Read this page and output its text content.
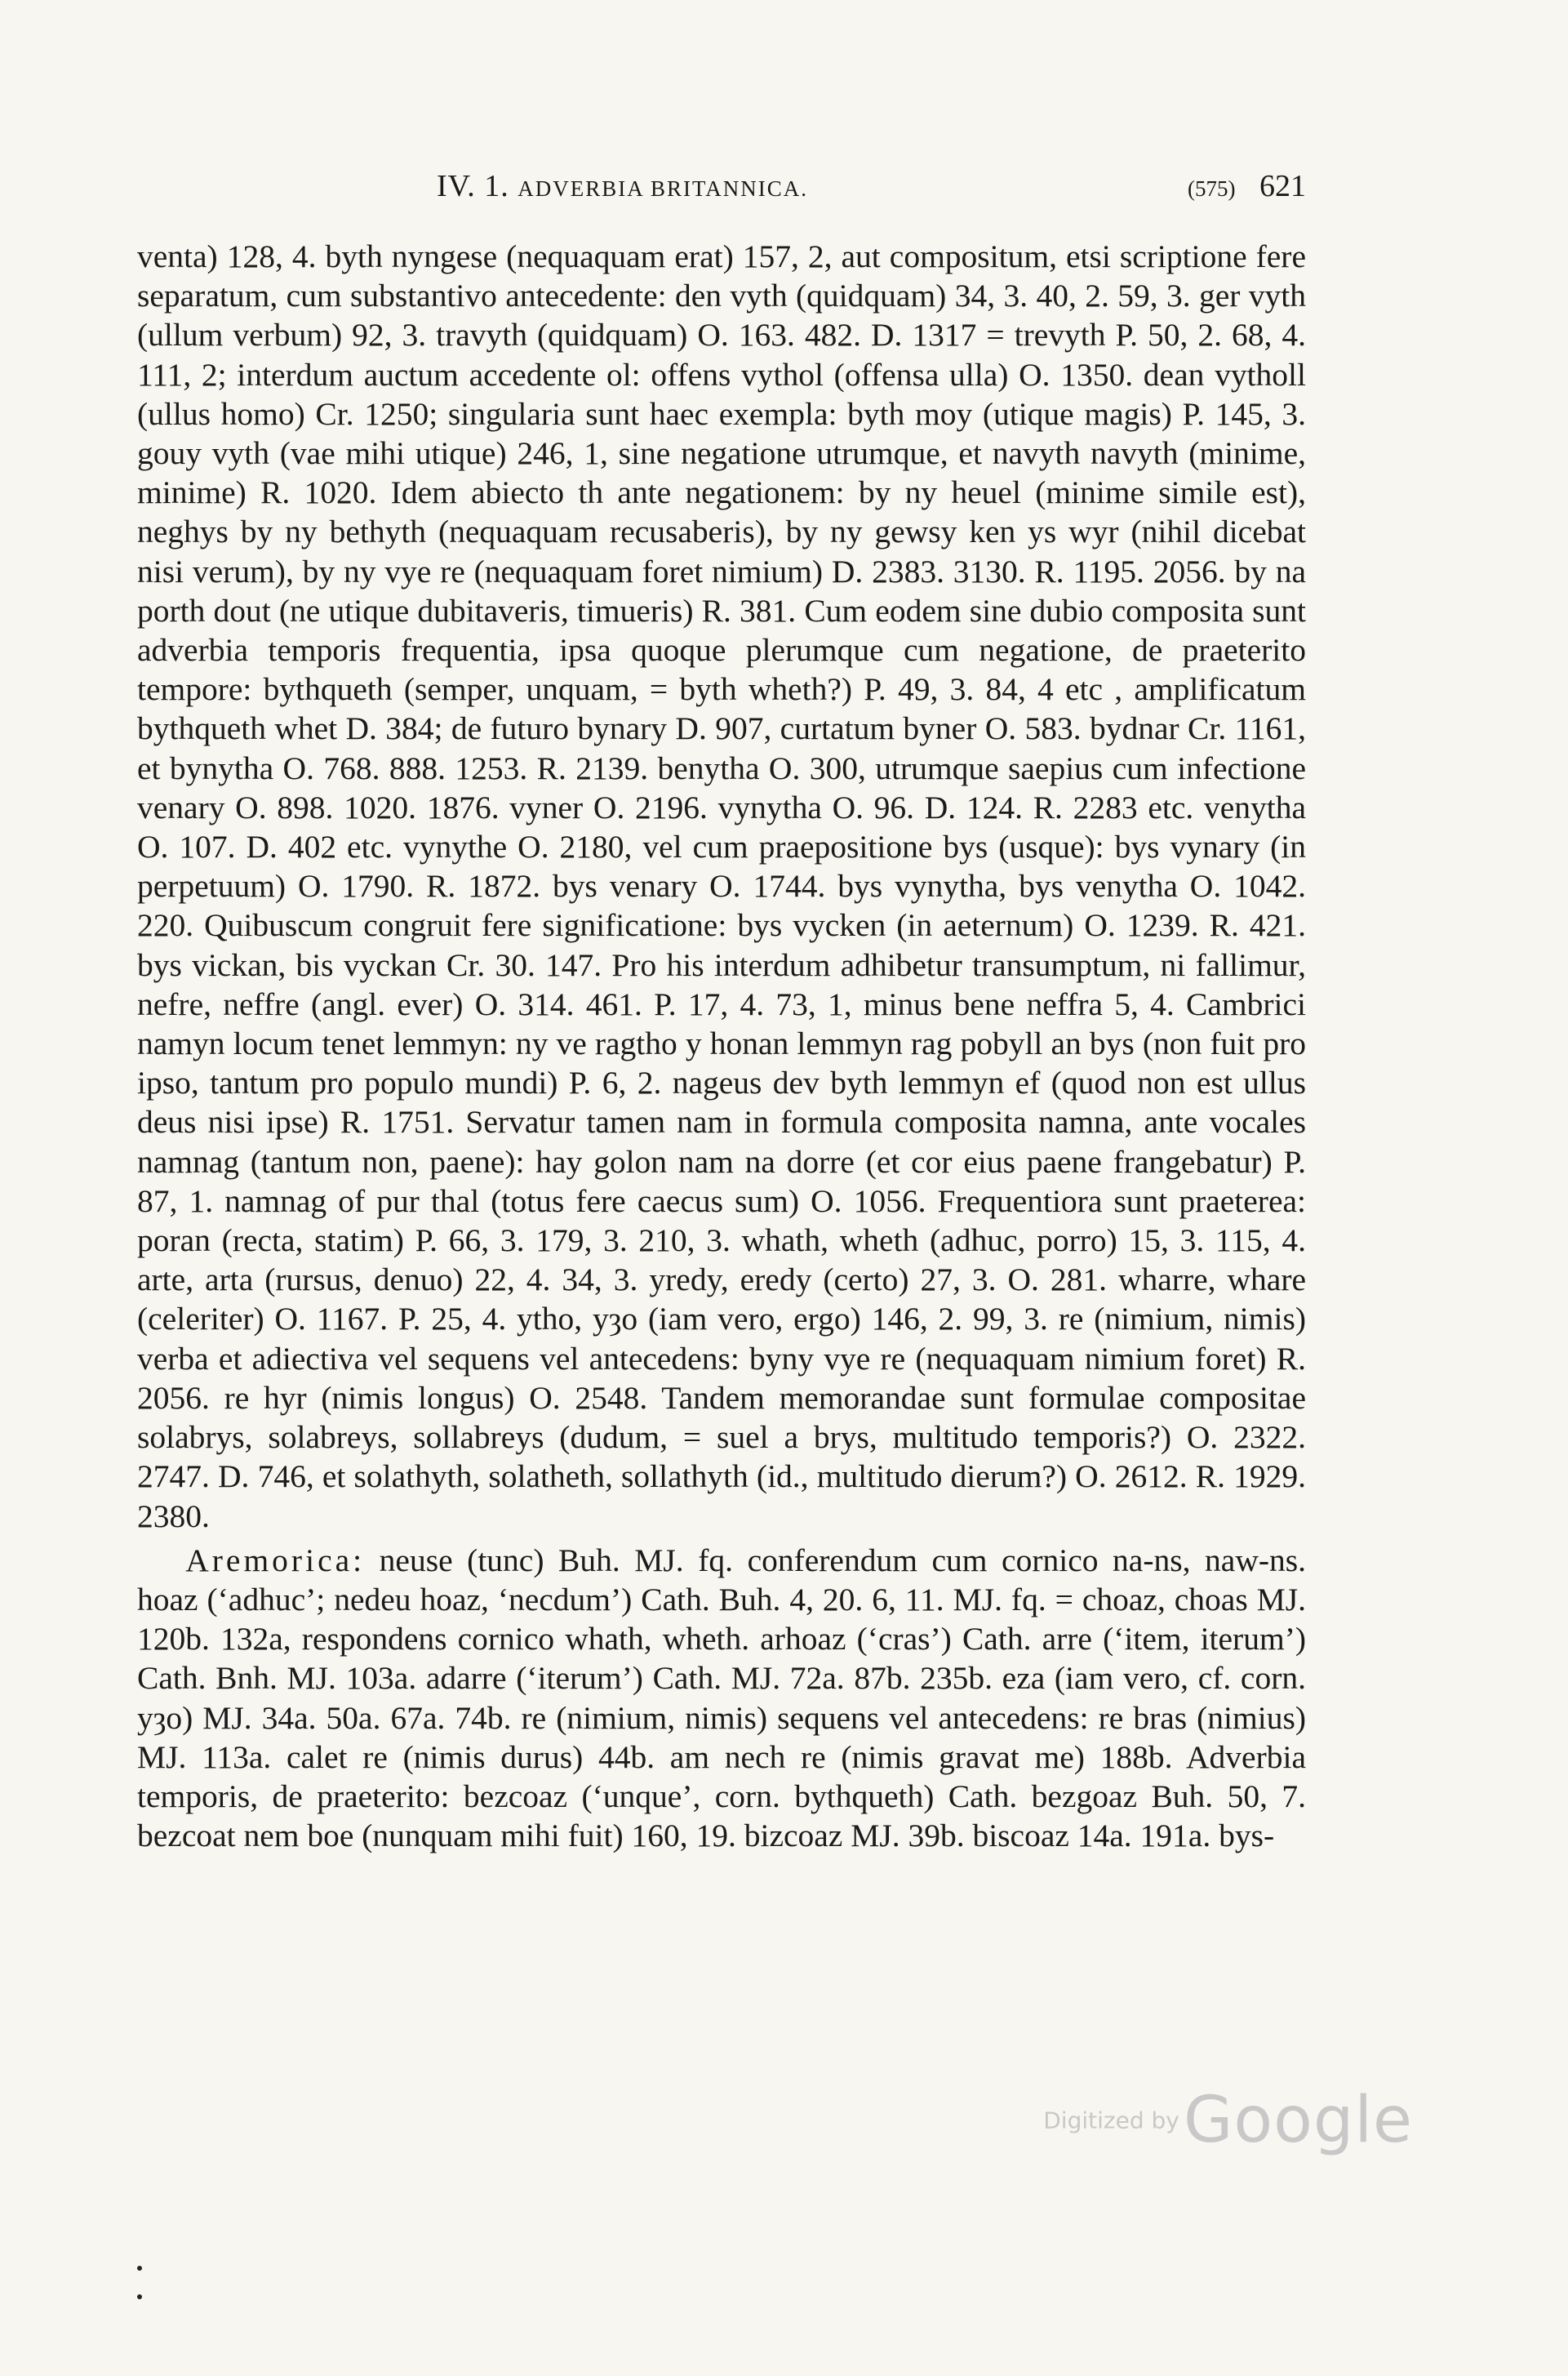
IV. 1. ADVERBIA BRITANNICA.	(575) 621

venta) 128, 4. byth nyngese (nequaquam erat) 157, 2, aut compositum, etsi scriptione fere separatum, cum substantivo antecedente: den vyth (quidquam) 34, 3. 40, 2. 59, 3. ger vyth (ullum verbum) 92, 3. travyth (quidquam) O. 163. 482. D. 1317 = trevyth P. 50, 2. 68, 4. 111, 2; interdum auctum accedente ol: offens vythol (offensa ulla) O. 1350. dean vytholl (ullus homo) Cr. 1250; singularia sunt haec exempla: byth moy (utique magis) P. 145, 3. gouy vyth (vae mihi utique) 246, 1, sine negatione utrumque, et navyth navyth (minime, minime) R. 1020. Idem abiecto th ante negationem: by ny heuel (minime simile est), neghys by ny bethyth (nequaquam recusaberis), by ny gewsy ken ys wyr (nihil dicebat nisi verum), by ny vye re (nequaquam foret nimium) D. 2383. 3130. R. 1195. 2056. by na porth dout (ne utique dubitaveris, timueris) R. 381. Cum eodem sine dubio composita sunt adverbia temporis frequentia, ipsa quoque plerumque cum negatione, de praeterito tempore: bythqueth (semper, unquam, = byth wheth?) P. 49, 3. 84, 4 etc , amplificatum bythqueth whet D. 384; de futuro bynary D. 907, curtatum byner O. 583. bydnar Cr. 1161, et bynytha O. 768. 888. 1253. R. 2139. benytha O. 300, utrumque saepius cum infectione venary O. 898. 1020. 1876. vyner O. 2196. vynytha O. 96. D. 124. R. 2283 etc. venytha O. 107. D. 402 etc. vynythe O. 2180, vel cum praepositione bys (usque): bys vynary (in perpetuum) O. 1790. R. 1872. bys venary O. 1744. bys vynytha, bys venytha O. 1042. 220. Quibuscum congruit fere significatione: bys vycken (in aeternum) O. 1239. R. 421. bys vickan, bis vyckan Cr. 30. 147. Pro his interdum adhibetur transumptum, ni fallimur, nefre, neffre (angl. ever) O. 314. 461. P. 17, 4. 73, 1, minus bene neffra 5, 4. Cambrici namyn locum tenet lemmyn: ny ve ragtho y honan lemmyn rag pobyll an bys (non fuit pro ipso, tantum pro populo mundi) P. 6, 2. nageus dev byth lemmyn ef (quod non est ullus deus nisi ipse) R. 1751. Servatur tamen nam in formula composita namna, ante vocales namnag (tantum non, paene): hay golon nam na dorre (et cor eius paene frangebatur) P. 87, 1. namnag of pur thal (totus fere caecus sum) O. 1056. Frequentiora sunt praeterea: poran (recta, statim) P. 66, 3. 179, 3. 210, 3. whath, wheth (adhuc, porro) 15, 3. 115, 4. arte, arta (rursus, denuo) 22, 4. 34, 3. yredy, eredy (certo) 27, 3. O. 281. wharre, whare (celeriter) O. 1167. P. 25, 4. ytho, yȝo (iam vero, ergo) 146, 2. 99, 3. re (nimium, nimis) verba et adiectiva vel sequens vel antecedens: byny vye re (nequaquam nimium foret) R. 2056. re hyr (nimis longus) O. 2548. Tandem memorandae sunt formulae compositae solabrys, solabreys, sollabreys (dudum, = suel a brys, multitudo temporis?) O. 2322. 2747. D. 746, et solathyth, solatheth, sollathyth (id., multitudo dierum?) O. 2612. R. 1929. 2380.

  Aremorica: neuse (tunc) Buh. MJ. fq. conferendum cum cornico na-ns, naw-ns. hoaz (‘adhuc’; nedeu hoaz, ‘necdum’) Cath. Buh. 4, 20. 6, 11. MJ. fq. = choaz, choas MJ. 120b. 132a, respondens cornico whath, wheth. arhoaz (‘cras’) Cath. arre (‘item, iterum’) Cath. Bnh. MJ. 103a. adarre (‘iterum’) Cath. MJ. 72a. 87b. 235b. eza (iam vero, cf. corn. yȝo) MJ. 34a. 50a. 67a. 74b. re (nimium, nimis) sequens vel antecedens: re bras (nimius) MJ. 113a. calet re (nimis durus) 44b. am nech re (nimis gravat me) 188b. Adverbia temporis, de praeterito: bezcoaz (‘unque’, corn. bythqueth) Cath. bezgoaz Buh. 50, 7. bezcoat nem boe (nunquam mihi fuit) 160, 19. bizcoaz MJ. 39b. biscoaz 14a. 191a. bys-

Digitized by Google
